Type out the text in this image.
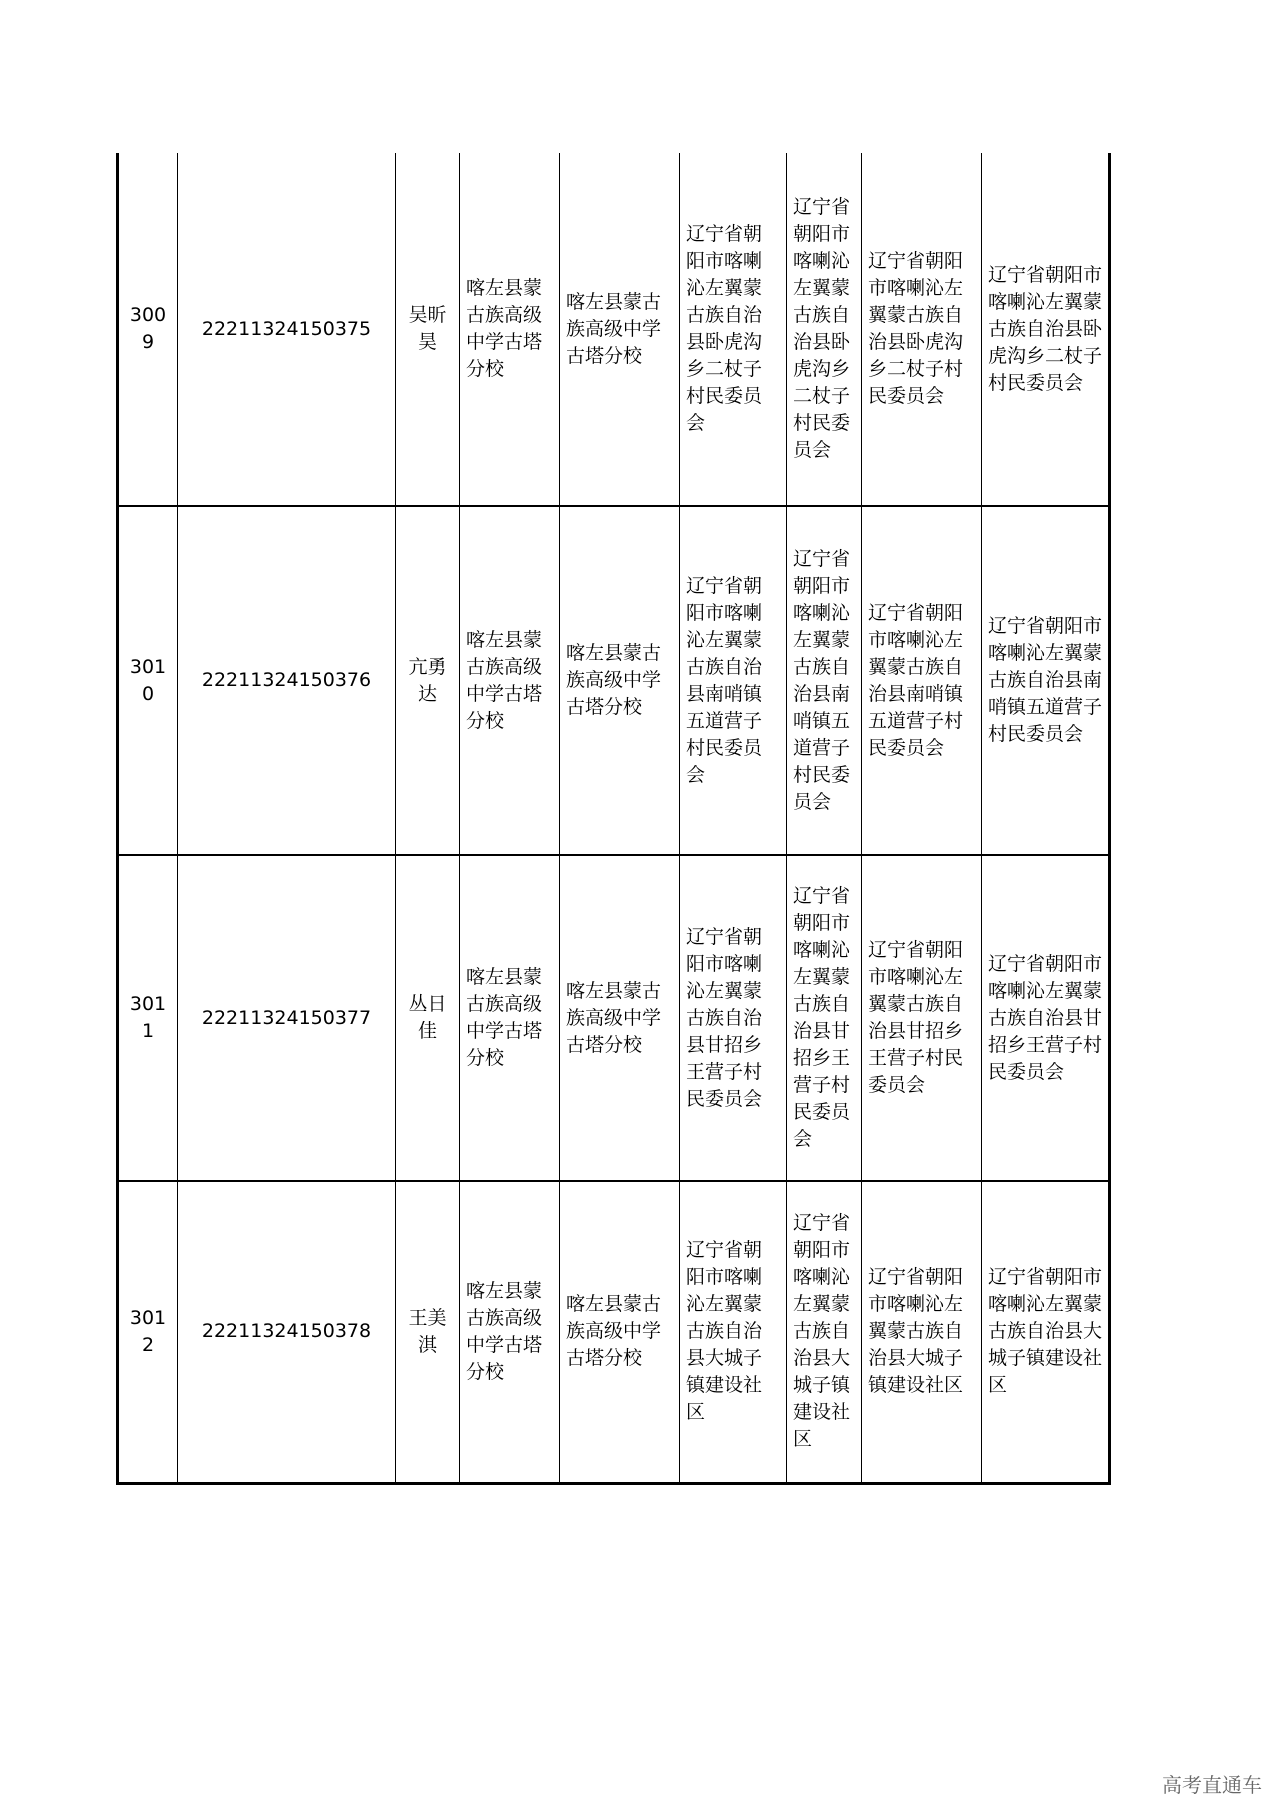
3009	22211324150375	吴昕昊	喀左县蒙古族高级中学古塔分校	喀左县蒙古族高级中学古塔分校	辽宁省朝阳市喀喇沁左翼蒙古族自治县卧虎沟乡二杖子村民委员会	辽宁省朝阳市喀喇沁左翼蒙古族自治县卧虎沟乡二杖子村民委员会	辽宁省朝阳市喀喇沁左翼蒙古族自治县卧虎沟乡二杖子村民委员会	辽宁省朝阳市喀喇沁左翼蒙古族自治县卧虎沟乡二杖子村民委员会
3010	22211324150376	亢勇达	喀左县蒙古族高级中学古塔分校	喀左县蒙古族高级中学古塔分校	辽宁省朝阳市喀喇沁左翼蒙古族自治县南哨镇五道营子村民委员会	辽宁省朝阳市喀喇沁左翼蒙古族自治县南哨镇五道营子村民委员会	辽宁省朝阳市喀喇沁左翼蒙古族自治县南哨镇五道营子村民委员会	辽宁省朝阳市喀喇沁左翼蒙古族自治县南哨镇五道营子村民委员会
3011	22211324150377	丛日佳	喀左县蒙古族高级中学古塔分校	喀左县蒙古族高级中学古塔分校	辽宁省朝阳市喀喇沁左翼蒙古族自治县甘招乡王营子村民委员会	辽宁省朝阳市喀喇沁左翼蒙古族自治县甘招乡王营子村民委员会	辽宁省朝阳市喀喇沁左翼蒙古族自治县甘招乡王营子村民委员会	辽宁省朝阳市喀喇沁左翼蒙古族自治县甘招乡王营子村民委员会
3012	22211324150378	王美淇	喀左县蒙古族高级中学古塔分校	喀左县蒙古族高级中学古塔分校	辽宁省朝阳市喀喇沁左翼蒙古族自治县大城子镇建设社区	辽宁省朝阳市喀喇沁左翼蒙古族自治县大城子镇建设社区	辽宁省朝阳市喀喇沁左翼蒙古族自治县大城子镇建设社区	辽宁省朝阳市喀喇沁左翼蒙古族自治县大城子镇建设社区
高考直通车
